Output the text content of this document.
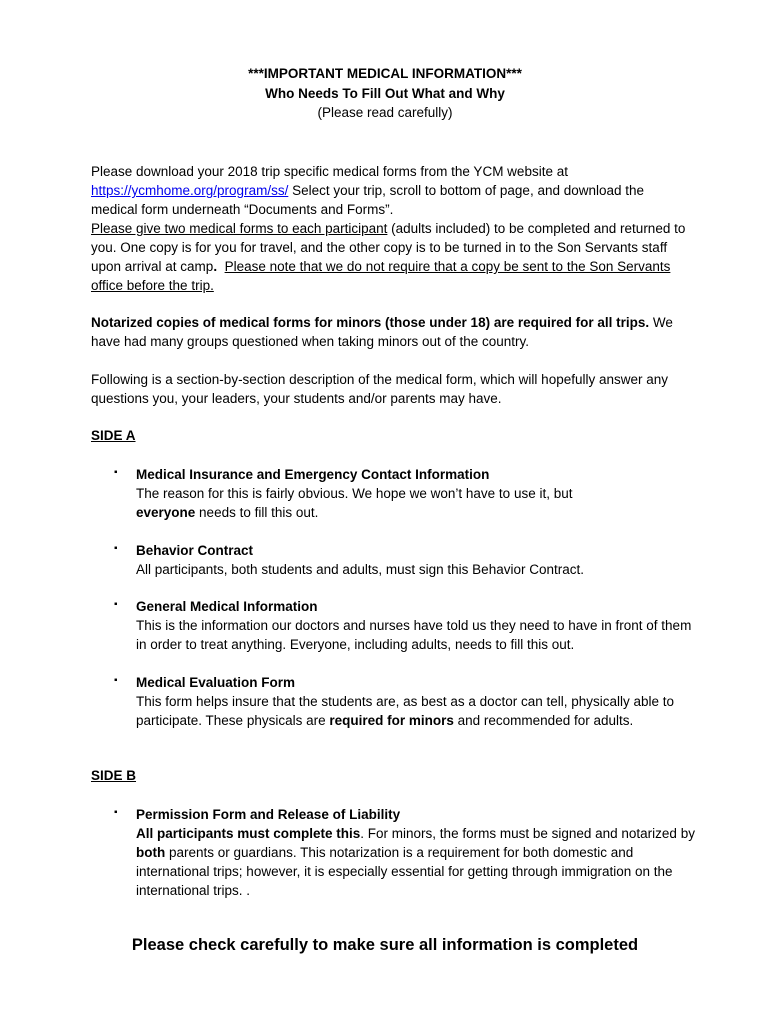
***IMPORTANT MEDICAL INFORMATION***
Who Needs To Fill Out What and Why
(Please read carefully)
Please download your 2018 trip specific medical forms from the YCM website at
https://ycmhome.org/program/ss/ Select your trip, scroll to bottom of page, and download the medical form underneath “Documents and Forms”.
Please give two medical forms to each participant (adults included) to be completed and returned to you. One copy is for you for travel, and the other copy is to be turned in to the Son Servants staff upon arrival at camp. Please note that we do not require that a copy be sent to the Son Servants office before the trip.
Notarized copies of medical forms for minors (those under 18) are required for all trips. We have had many groups questioned when taking minors out of the country.
Following is a section-by-section description of the medical form, which will hopefully answer any questions you, your leaders, your students and/or parents may have.
SIDE A
▪ Medical Insurance and Emergency Contact Information
The reason for this is fairly obvious. We hope we won’t have to use it, but
everyone needs to fill this out.
▪ Behavior Contract
All participants, both students and adults, must sign this Behavior Contract.
▪ General Medical Information
This is the information our doctors and nurses have told us they need to have in front of them in order to treat anything. Everyone, including adults, needs to fill this out.
▪ Medical Evaluation Form
This form helps insure that the students are, as best as a doctor can tell, physically able to participate. These physicals are required for minors and recommended for adults.
SIDE B
▪ Permission Form and Release of Liability
All participants must complete this. For minors, the forms must be signed and notarized by both parents or guardians. This notarization is a requirement for both domestic and international trips; however, it is especially essential for getting through immigration on the international trips. .
Please check carefully to make sure all information is completed
